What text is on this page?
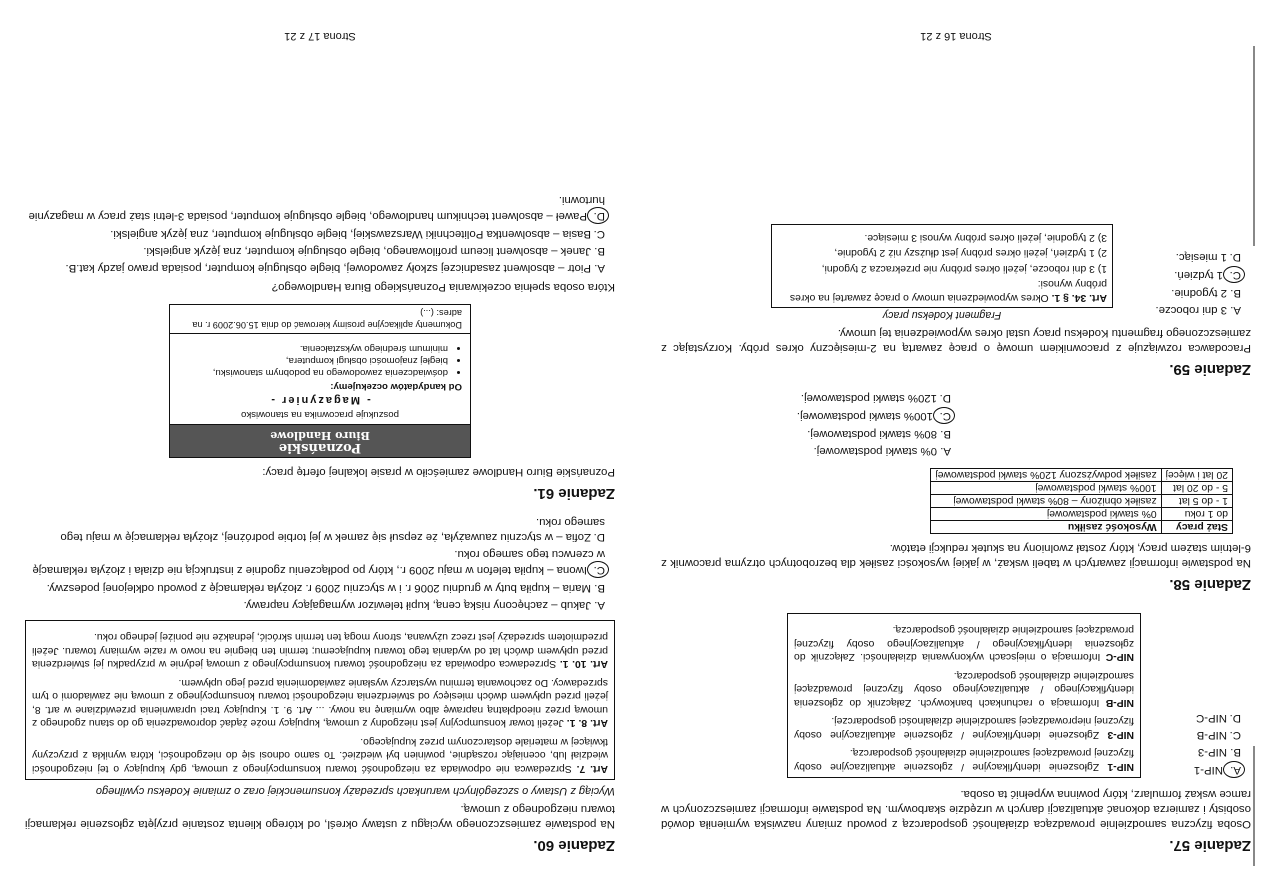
Zadanie 57.

Osoba fizyczna samodzielnie prowadząca działalność gospodarczą z powodu zmiany nazwiska wymieniła dowód osobisty i zamierza dokonać aktualizacji danych w urzędzie skarbowym. Na podstawie informacji zamieszczonych w ramce wskaż formularz, który powinna wypełnić ta osoba.

A.NIP-1
B.NIP-3
C.NIP-B
D.NIP-C

NIP-1 Zgłoszenie identyfikacyjne / zgłoszenie aktualizacyjne osoby fizycznej prowadzącej samodzielnie działalność gospodarczą.

NIP-3 Zgłoszenie identyfikacyjne / zgłoszenie aktualizacyjne osoby fizycznej nieprowadzącej samodzielnie działalności gospodarczej.

NIP-B Informacja o rachunkach bankowych. Załącznik do zgłoszenia identyfikacyjnego / aktualizacyjnego osoby fizycznej prowadzącej samodzielnie działalność gospodarczą.

NIP-C Informacja o miejscach wykonywania działalności. Załącznik do zgłoszenia identyfikacyjnego / aktualizacyjnego osoby fizycznej prowadzącej samodzielnie działalność gospodarczą.

Zadanie 58.

Na podstawie informacji zawartych w tabeli wskaż, w jakiej wysokości zasiłek dla bezrobotnych otrzyma pracownik z 6-letnim stażem pracy, który został zwolniony na skutek redukcji etatów.

Staż pracy	Wysokość zasiłku
do 1 roku	0% stawki podstawowej
1 - do 5 lat	zasiłek obniżony – 80% stawki podstawowej
5 - do 20 lat	100% stawki podstawowej
20 lat i więcej	zasiłek podwyższony 120% stawki podstawowej
A.0% stawki podstawowej.
B.80% stawki podstawowej.
C.100% stawki podstawowej.
D.120% stawki podstawowej.
Zadanie 59.

Pracodawca rozwiązuje z pracownikiem umowę o pracę zawartą na 2-miesięczny okres próby. Korzystając z zamieszczonego fragmentu Kodeksu pracy ustal okres wypowiedzenia tej umowy.

A.3 dni robocze.
B.2 tygodnie.
C.1 tydzień.
D.1 miesiąc.
Fragment Kodeksu pracy

Art. 34. § 1. Okres wypowiedzenia umowy o pracę zawartej na okres próbny wynosi:

1) 3 dni robocze, jeżeli okres próbny nie przekracza 2 tygodni,

2) 1 tydzień, jeżeli okres próbny jest dłuższy niż 2 tygodnie,

3) 2 tygodnie, jeżeli okres próbny wynosi 3 miesiące.

Strona 16 z 21
Zadanie 60.

Na podstawie zamieszczonego wyciągu z ustawy określ, od którego klienta zostanie przyjęta zgłoszenie reklamacji towaru niezgodnego z umową.

Wyciąg z Ustawy o szczególnych warunkach sprzedaży konsumenckiej oraz o zmianie Kodeksu cywilnego

Art. 7. Sprzedawca nie odpowiada za niezgodność towaru konsumpcyjnego z umową, gdy kupujący o tej niezgodności wiedział lub, oceniając rozsądnie, powinien był wiedzieć. To samo odnosi się do niezgodności, która wynikła z przyczyny tkwiącej w materiale dostarczonym przez kupującego.

Art. 8. 1. Jeżeli towar konsumpcyjny jest niezgodny z umową, kupujący może żądać doprowadzenia go do stanu zgodnego z umową przez nieodpłatną naprawę albo wymianę na nowy. ... Art. 9. 1. Kupujący traci uprawnienia przewidziane w art. 8, jeżeli przed upływem dwóch miesięcy od stwierdzenia niezgodności towaru konsumpcyjnego z umową nie zawiadomi o tym sprzedawcy. Do zachowania terminu wystarczy wysłanie zawiadomienia przed jego upływem.

Art. 10. 1. Sprzedawca odpowiada za niezgodność towaru konsumpcyjnego z umową jedynie w przypadku jej stwierdzenia przed upływem dwóch lat od wydania tego towaru kupującemu; termin ten biegnie na nowo w razie wymiany towaru. Jeżeli przedmiotem sprzedaży jest rzecz używana, strony mogą ten termin skrócić, jednakże nie poniżej jednego roku.

A.Jakub – zachęcony niską ceną, kupił telewizor wymagający naprawy.
B.Maria – kupiła buty w grudniu 2006 r. i w styczniu 2009 r. złożyła reklamację z powodu odklejonej podeszwy.
C.Iwona – kupiła telefon w maju 2009 r., który po podłączeniu zgodnie z instrukcją nie działa i złożyła reklamację w czerwcu tego samego roku.
D.Zofia – w styczniu zauważyła, że zepsuł się zamek w jej torbie podróżnej, złożyła reklamację w maju tego samego roku.
Zadanie 61.

Poznańskie Biuro Handlowe zamieściło w prasie lokalnej ofertę pracy:

Poznańskie
Biuro Handlowe
poszukuje pracownika na stanowisko
- Magazynier -
Od kandydatów oczekujemy:
• doświadczenia zawodowego na podobnym stanowisku,
• biegłej znajomości obsługi komputera,
• minimum średniego wykształcenia.
Dokumenty aplikacyjne prosimy kierować do dnia 15.06.2009 r. na adres: (...)

Która osoba spełnia oczekiwania Poznańskiego Biura Handlowego?

A.Piotr – absolwent zasadniczej szkoły zawodowej, biegle obsługuje komputer, posiada prawo jazdy kat.B.
B.Janek – absolwent liceum profilowanego, biegle obsługuje komputer, zna język angielski.
C.Basia – absolwentka Politechniki Warszawskiej, biegle obsługuje komputer, zna język angielski.
D.Paweł – absolwent technikum handlowego, biegle obsługuje komputer, posiada 3-letni staż pracy w magazynie hurtowni.
Strona 17 z 21
